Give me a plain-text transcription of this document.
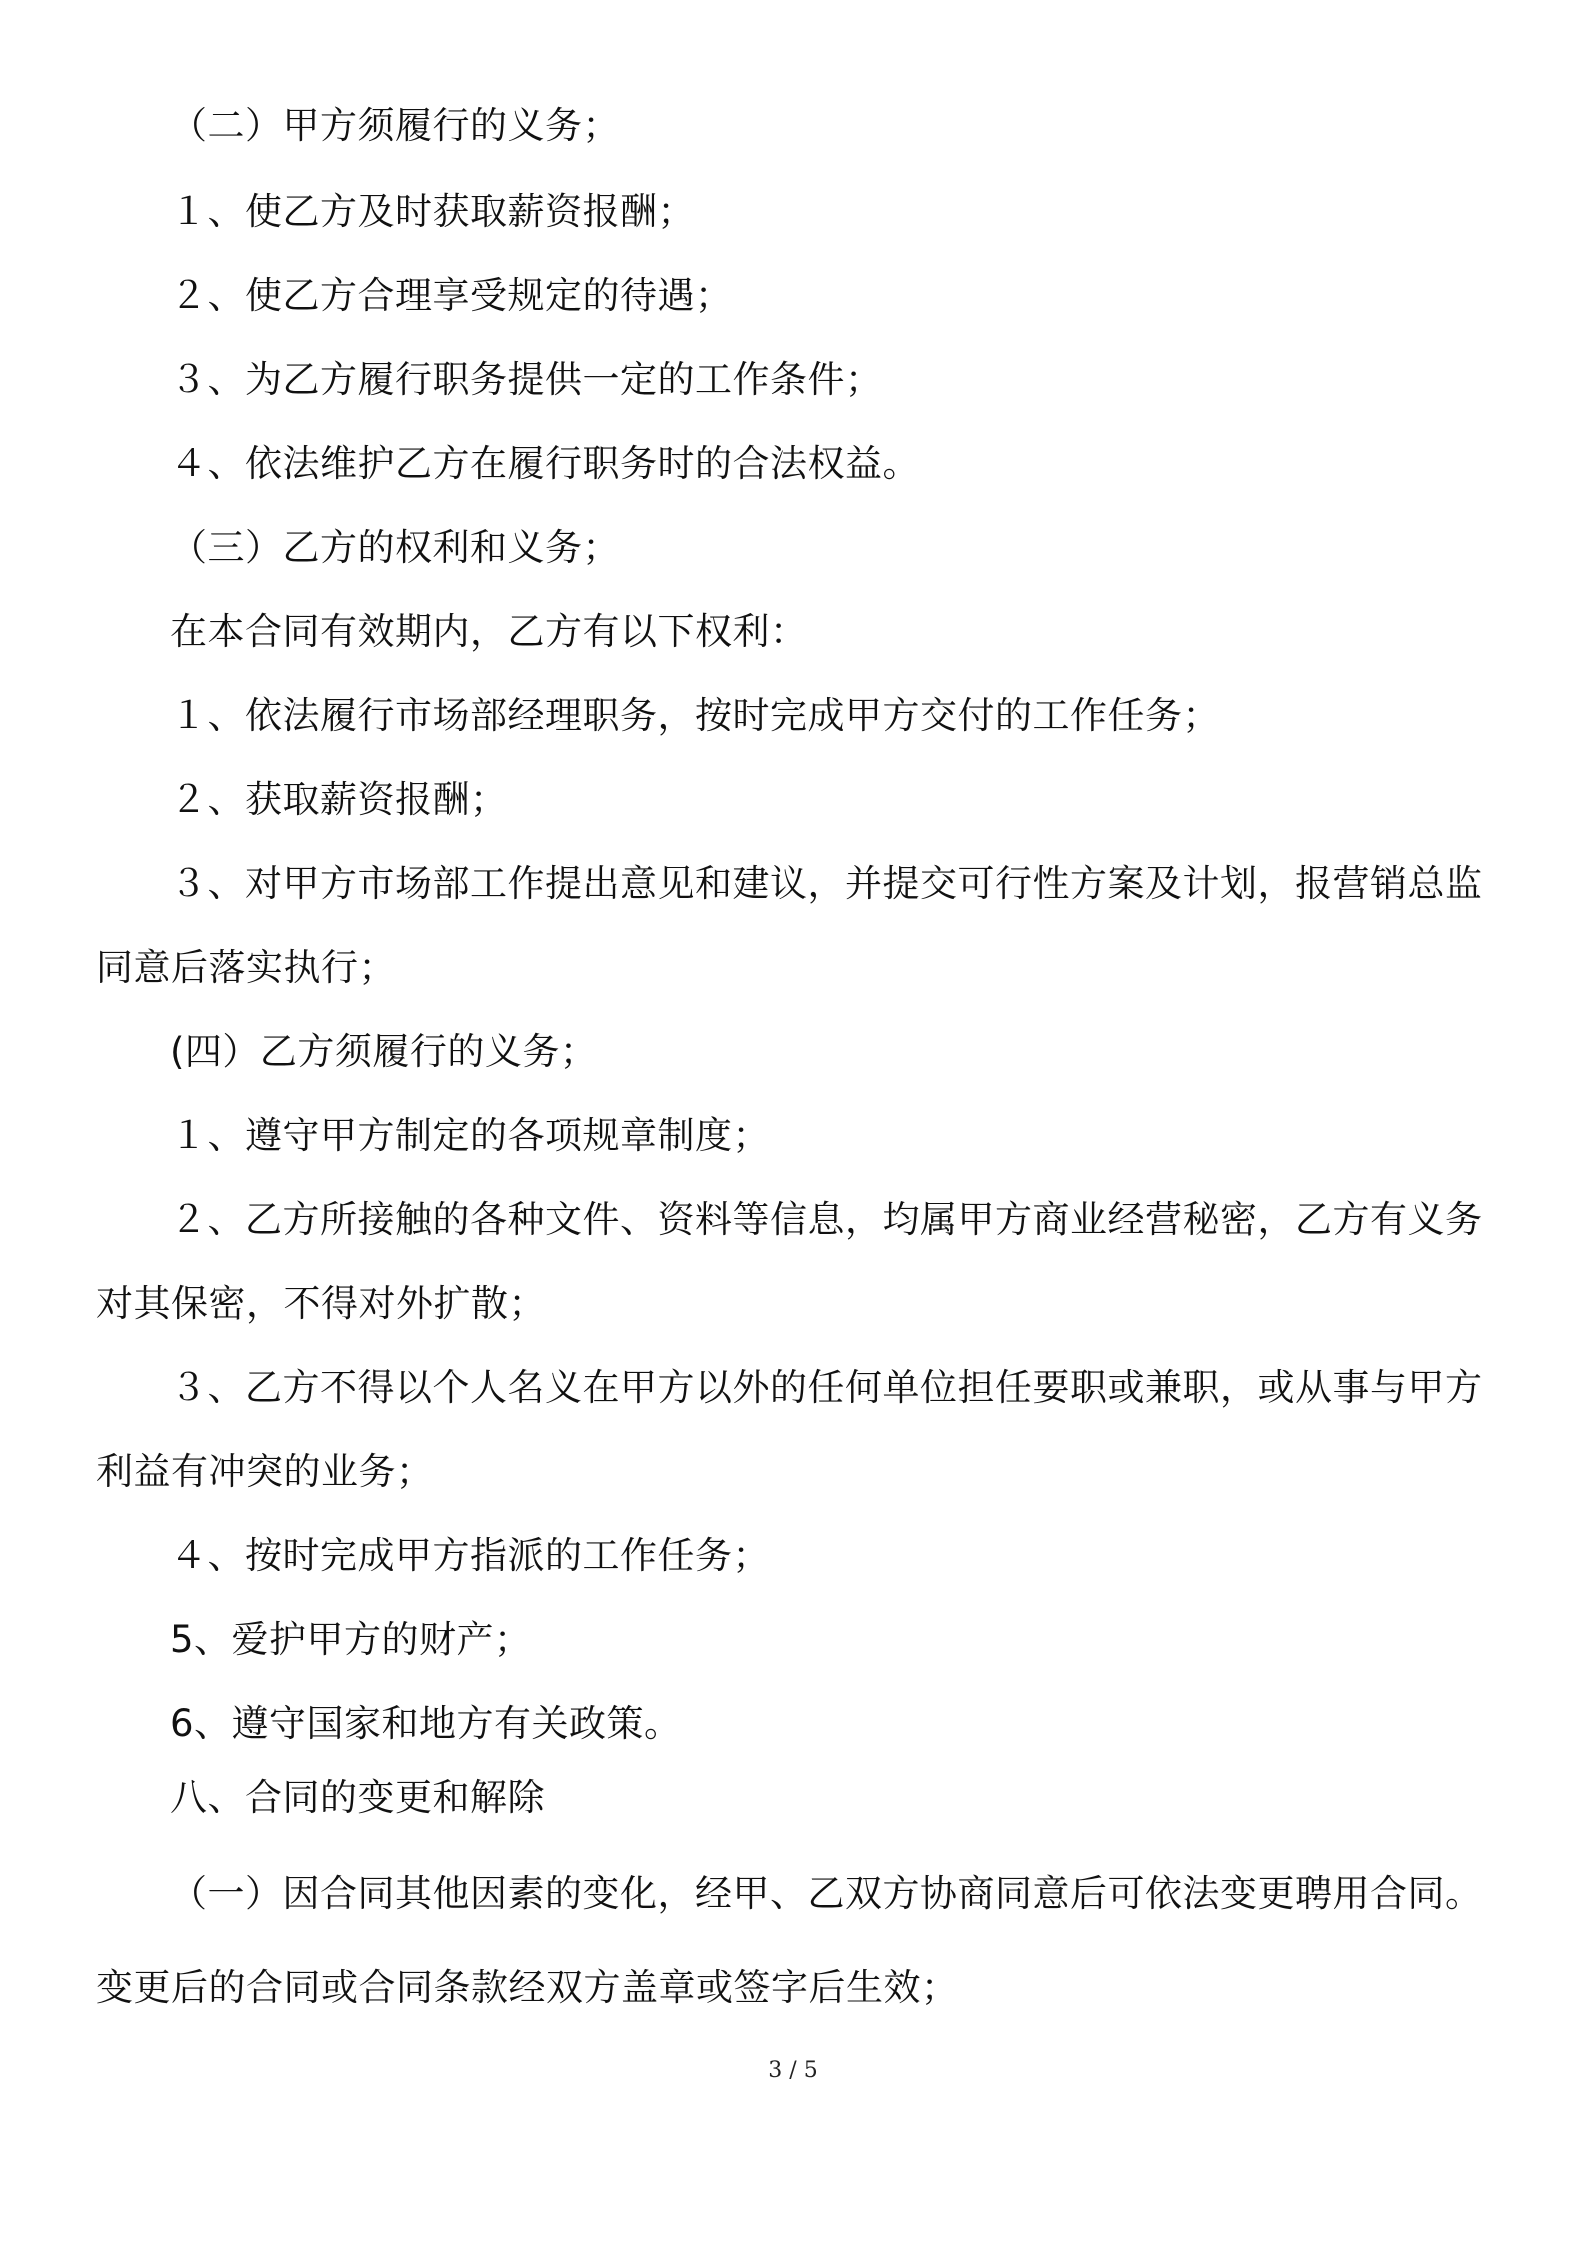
（二）甲方须履行的义务；
１、使乙方及时获取薪资报酬；
２、使乙方合理享受规定的待遇；
３、为乙方履行职务提供一定的工作条件；
４、依法维护乙方在履行职务时的合法权益。
（三）乙方的权利和义务；
在本合同有效期内，乙方有以下权利：
１、依法履行市场部经理职务，按时完成甲方交付的工作任务；
２、获取薪资报酬；
３、对甲方市场部工作提出意见和建议，并提交可行性方案及计划，报营销总监
同意后落实执行；
(四）乙方须履行的义务；
１、遵守甲方制定的各项规章制度；
２、乙方所接触的各种文件、资料等信息，均属甲方商业经营秘密，乙方有义务
对其保密，不得对外扩散；
３、乙方不得以个人名义在甲方以外的任何单位担任要职或兼职，或从事与甲方
利益有冲突的业务；
４、按时完成甲方指派的工作任务；
5、爱护甲方的财产；
6、遵守国家和地方有关政策。
八、合同的变更和解除
（一）因合同其他因素的变化，经甲、乙双方协商同意后可依法变更聘用合同。
变更后的合同或合同条款经双方盖章或签字后生效；
3 / 5
